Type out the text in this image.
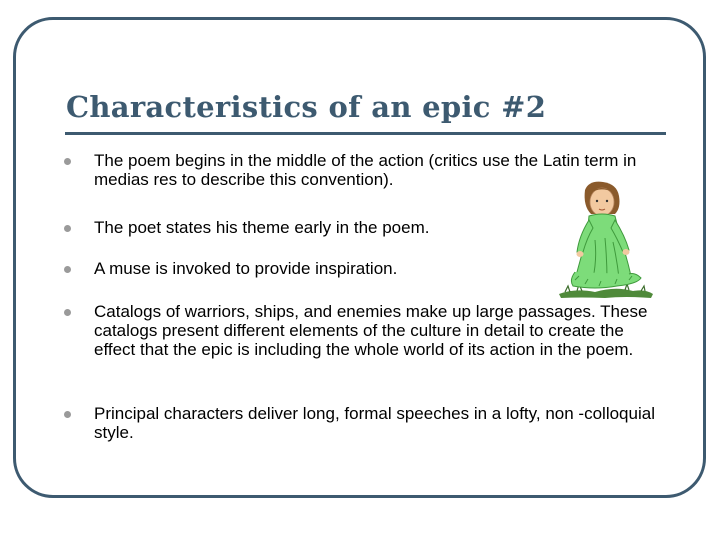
Characteristics of an epic #2
The poem begins in the middle of the action (critics use the Latin term in medias res to describe this convention).
The poet states his theme early in the poem.
A muse is invoked to provide inspiration.
Catalogs of warriors, ships, and enemies make up large passages. These catalogs present different elements of the culture in detail to create the effect that the epic is including the whole world of its action in the poem.
Principal characters deliver long, formal speeches in a lofty, non -colloquial style.
